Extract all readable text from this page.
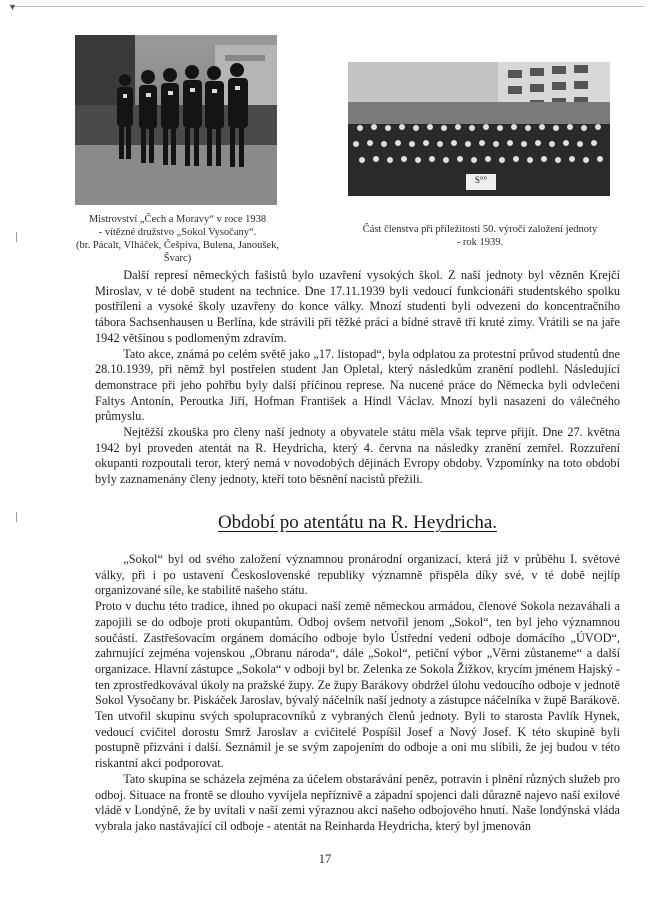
▼
S°°
Mistrovství „Čech a Moravy“ v roce 1938
- vítězné družstvo „Sokol Vysočany“.
(br. Pácalt, Vlháček, Češpiva, Bulena, Janoušek, Švarc)
Část členstva při příležitosti 50. výročí založení jednoty
- rok 1939.

Další represí německých fašistů bylo uzavření vysokých škol. Z naší jednoty byl vězněn Krejčí Miroslav, v té době student na technice. Dne 17.11.1939 byli vedoucí funkcionáři studentského spolku postříleni a vysoké školy uzavřeny do konce války. Mnozí studenti byli odvezeni do koncentračního tábora Sachsenhausen u Berlína, kde strávili při těžké práci a bídné stravě tři kruté zimy. Vrátili se na jaře 1942 většinou s podlomeným zdravím.

Tato akce, známá po celém světě jako „17. listopad“, byla odplatou za protestní průvod studentů dne 28.10.1939, při němž byl postřelen student Jan Opletal, který následkům zranění podlehl. Následující demonstrace při jeho pohřbu byly další příčinou represe. Na nucené práce do Německa byli odvlečeni Faltys Antonín, Peroutka Jiří, Hofman František a Hindl Václav. Mnozí byli nasazeni do válečného průmyslu.

Nejtěžší zkouška pro členy naší jednoty a obyvatele státu měla však teprve přijít. Dne 27. května 1942 byl proveden atentát na R. Heydricha, který 4. června na následky zranění zemřel. Rozzuření okupanti rozpoutali teror, který nemá v novodobých dějinách Evropy obdoby. Vzpomínky na toto období byly zaznamenány členy jednoty, kteří toto běsnění nacistů přežili.

Období po atentátu na R. Heydricha.

„Sokol“ byl od svého založení významnou pronárodní organizací, která již v průběhu I. světové války, při i po ustavení Československé republiky významně přispěla díky své, v té době nejlíp organizované síle, ke stabilitě našeho státu.

Proto v duchu této tradice, ihned po okupaci naší země německou armádou, členové Sokola nezaváhali a zapojili se do odboje proti okupantům. Odboj ovšem netvořil jenom „Sokol“, ten byl jeho významnou součástí. Zastřešovacím orgánem domácího odboje bylo Ústřední vedení odboje domácího „ÚVOD“, zahrnující zejména vojenskou „Obranu národa“, dále „Sokol“, petiční výbor „Věrni zůstaneme“ a další organizace. Hlavní zástupce „Sokola“ v odboji byl br. Zelenka ze Sokola Žižkov, krycím jménem Hajský - ten zprostředkovával úkoly na pražské župy. Ze župy Barákovy obdržel úlohu vedoucího odboje v jednotě Sokol Vysočany br. Piskáček Jaroslav, bývalý náčelník naší jednoty a zástupce náčelníka v župě Barákově. Ten utvořil skupinu svých spolupracovníků z vybraných členů jednoty. Byli to starosta Pavlík Hynek, vedoucí cvičitel dorostu Smrž Jaroslav a cvičitelé Pospíšil Josef a Nový Josef. K této skupině byli postupně přizváni i další. Seznámil je se svým zapojením do odboje a oni mu slíbili, že jej budou v této riskantní akci podporovat.

Tato skupina se scházela zejména za účelem obstarávání peněz, potravin i plnění různých služeb pro odboj. Situace na frontě se dlouho vyvíjela nepříznivě a západní spojenci dali důrazně najevo naší exilové vládě v Londýně, že by uvítali v naší zemi výraznou akci našeho odbojového hnutí. Naše londýnská vláda vybrala jako nastávající cíl odboje - atentát na Reinharda Heydricha, který byl jmenován

17
